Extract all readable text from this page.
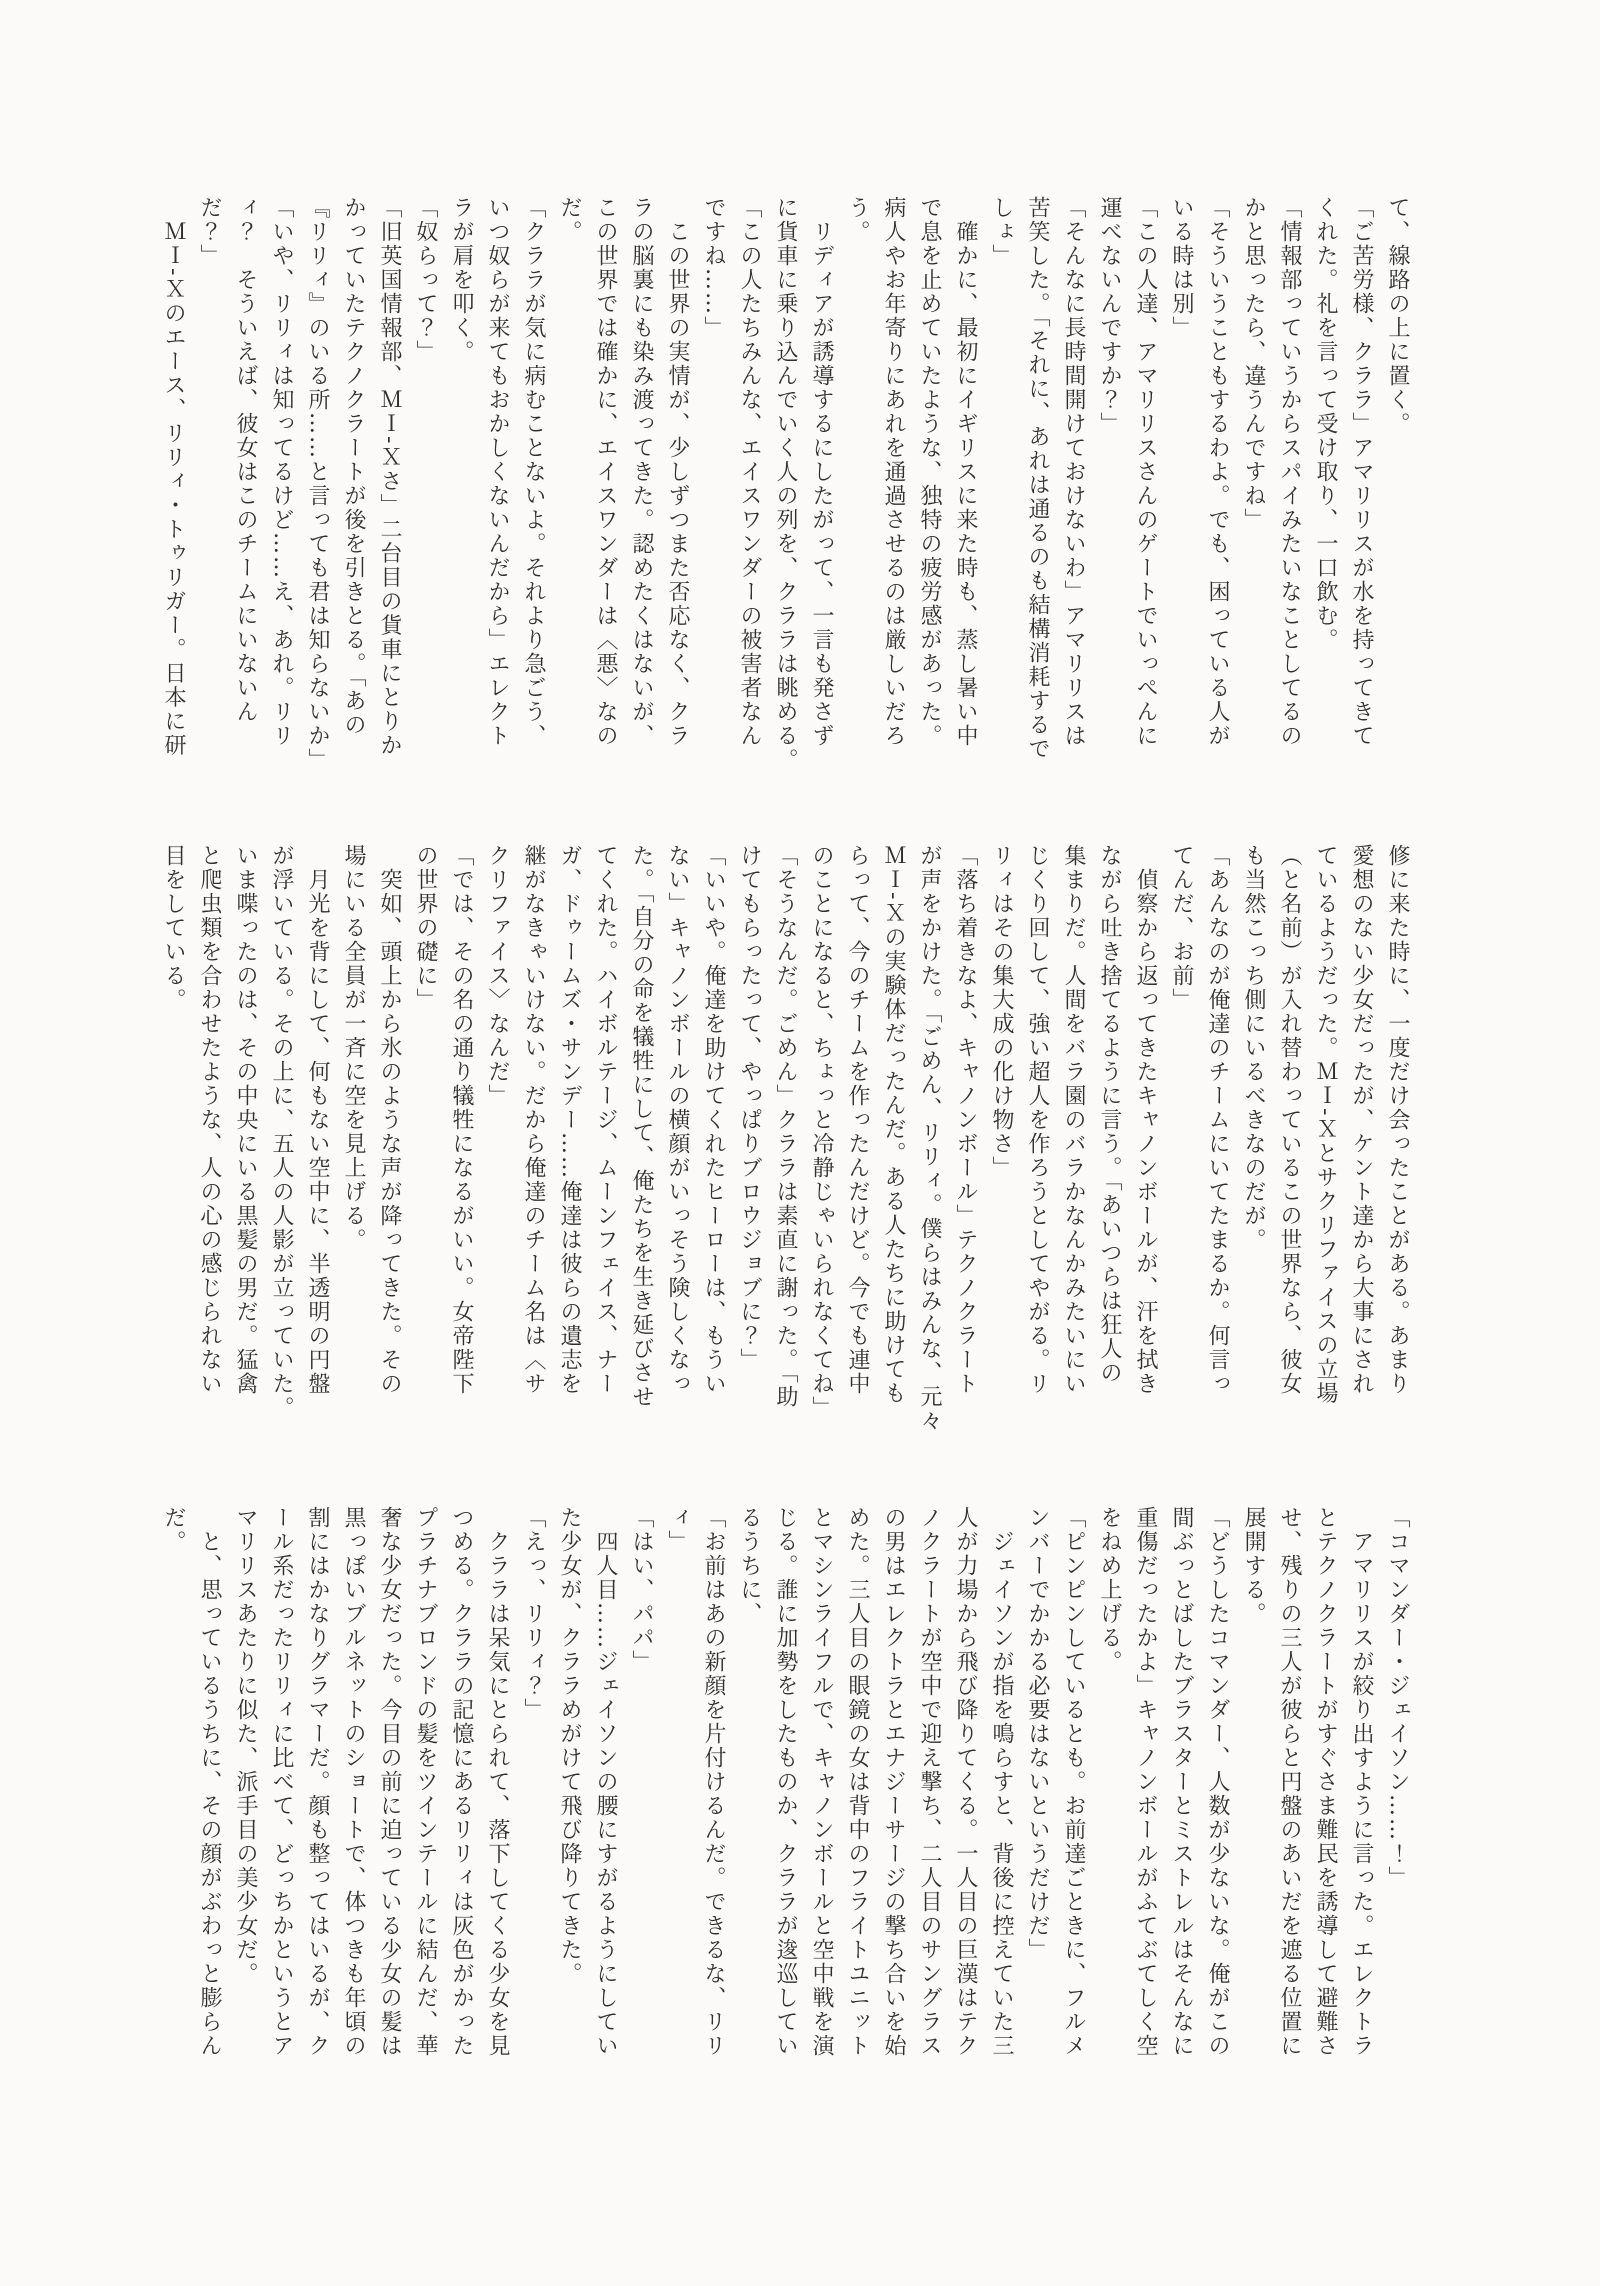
て、線路の上に置く。
「ご苦労様、クララ」アマリリスが水を持ってきて
くれた。礼を言って受け取り、一口飲む。
「情報部っていうからスパイみたいなことしてるの
かと思ったら、違うんですね」
「そういうこともするわよ。でも、困っている人が
いる時は別」
「この人達、アマリリスさんのゲートでいっぺんに
運べないんですか？」
「そんなに長時間開けておけないわ」アマリリスは
苦笑した。「それに、あれは通るのも結構消耗するで
しょ」
　確かに、最初にイギリスに来た時も、蒸し暑い中
で息を止めていたような、独特の疲労感があった。
病人やお年寄りにあれを通過させるのは厳しいだろ
う。
　リディアが誘導するにしたがって、一言も発さず
に貨車に乗り込んでいく人の列を、クララは眺める。
「この人たちみんな、エイスワンダーの被害者なん
ですね……」
　この世界の実情が、少しずつまた否応なく、クラ
ラの脳裏にも染み渡ってきた。認めたくはないが、
この世界では確かに、エイスワンダーは〈悪〉なの
だ。
「クララが気に病むことないよ。それより急ごう、
いつ奴らが来てもおかしくないんだから」エレクト
ラが肩を叩く。
「奴らって？」
「旧英国情報部、ＭＩ‐Ｘさ」二台目の貨車にとりか
かっていたテクノクラートが後を引きとる。「あの
『リリィ』のいる所……と言っても君は知らないか」
「いや、リリィは知ってるけど……え、あれ。リリ
ィ？　そういえば、彼女はこのチームにいないん
だ？」
　ＭＩ‐Ｘのエース、リリィ・トゥリガー。日本に研
修に来た時に、一度だけ会ったことがある。あまり
愛想のない少女だったが、ケント達から大事にされ
ているようだった。ＭＩ‐Ｘとサクリファイスの立場
（と名前）が入れ替わっているこの世界なら、彼女
も当然こっち側にいるべきなのだが。
「あんなのが俺達のチームにいてたまるか。何言っ
てんだ、お前」
　偵察から返ってきたキャノンボールが、汗を拭き
ながら吐き捨てるように言う。「あいつらは狂人の
集まりだ。人間をバラ園のバラかなんかみたいにい
じくり回して、強い超人を作ろうとしてやがる。リ
リィはその集大成の化け物さ」
「落ち着きなよ、キャノンボール」テクノクラート
が声をかけた。「ごめん、リリィ。僕らはみんな、元々
ＭＩ‐Ｘの実験体だったんだ。ある人たちに助けても
らって、今のチームを作ったんだけど。今でも連中
のことになると、ちょっと冷静じゃいられなくてね」
「そうなんだ。ごめん」クララは素直に謝った。「助
けてもらったって、やっぱりブロウジョブに？」
「いいや。俺達を助けてくれたヒーローは、もうい
ない」キャノンボールの横顔がいっそう険しくなっ
た。「自分の命を犠牲にして、俺たちを生き延びさせ
てくれた。ハイボルテージ、ムーンフェイス、ナー
ガ、ドゥームズ・サンデー……俺達は彼らの遺志を
継がなきゃいけない。だから俺達のチーム名は〈サ
クリファイス〉なんだ」
「では、その名の通り犠牲になるがいい。女帝陛下
の世界の礎に」
　突如、頭上から氷のような声が降ってきた。その
場にいる全員が一斉に空を見上げる。
　月光を背にして、何もない空中に、半透明の円盤
が浮いている。その上に、五人の人影が立っていた。
いま喋ったのは、その中央にいる黒髪の男だ。猛禽
と爬虫類を合わせたような、人の心の感じられない
目をしている。
「コマンダー・ジェイソン……！」
　アマリリスが絞り出すように言った。エレクトラ
とテクノクラートがすぐさま難民を誘導して避難さ
せ、残りの三人が彼らと円盤のあいだを遮る位置に
展開する。
「どうしたコマンダー、人数が少ないな。俺がこの
間ぶっとばしたブラスターとミストレルはそんなに
重傷だったかよ」キャノンボールがふてぶてしく空
をねめ上げる。
「ピンピンしているとも。お前達ごときに、フルメ
ンバーでかかる必要はないというだけだ」
　ジェイソンが指を鳴らすと、背後に控えていた三
人が力場から飛び降りてくる。一人目の巨漢はテク
ノクラートが空中で迎え撃ち、二人目のサングラス
の男はエレクトラとエナジーサージの撃ち合いを始
めた。三人目の眼鏡の女は背中のフライトユニット
とマシンライフルで、キャノンボールと空中戦を演
じる。誰に加勢をしたものか、クララが逡巡してい
るうちに、
「お前はあの新顔を片付けるんだ。できるな、リリ
ィ」
「はい、パパ」
　四人目……ジェイソンの腰にすがるようにしてい
た少女が、クララめがけて飛び降りてきた。
「えっ、リリィ？」
　クララは呆気にとられて、落下してくる少女を見
つめる。クララの記憶にあるリリィは灰色がかった
プラチナブロンドの髪をツインテールに結んだ、華
奢な少女だった。今目の前に迫っている少女の髪は
黒っぽいブルネットのショートで、体つきも年頃の
割にはかなりグラマーだ。顔も整ってはいるが、ク
ール系だったリリィに比べて、どっちかというとア
マリリスあたりに似た、派手目の美少女だ。
　と、思っているうちに、その顔がぶわっと膨らん
だ。
